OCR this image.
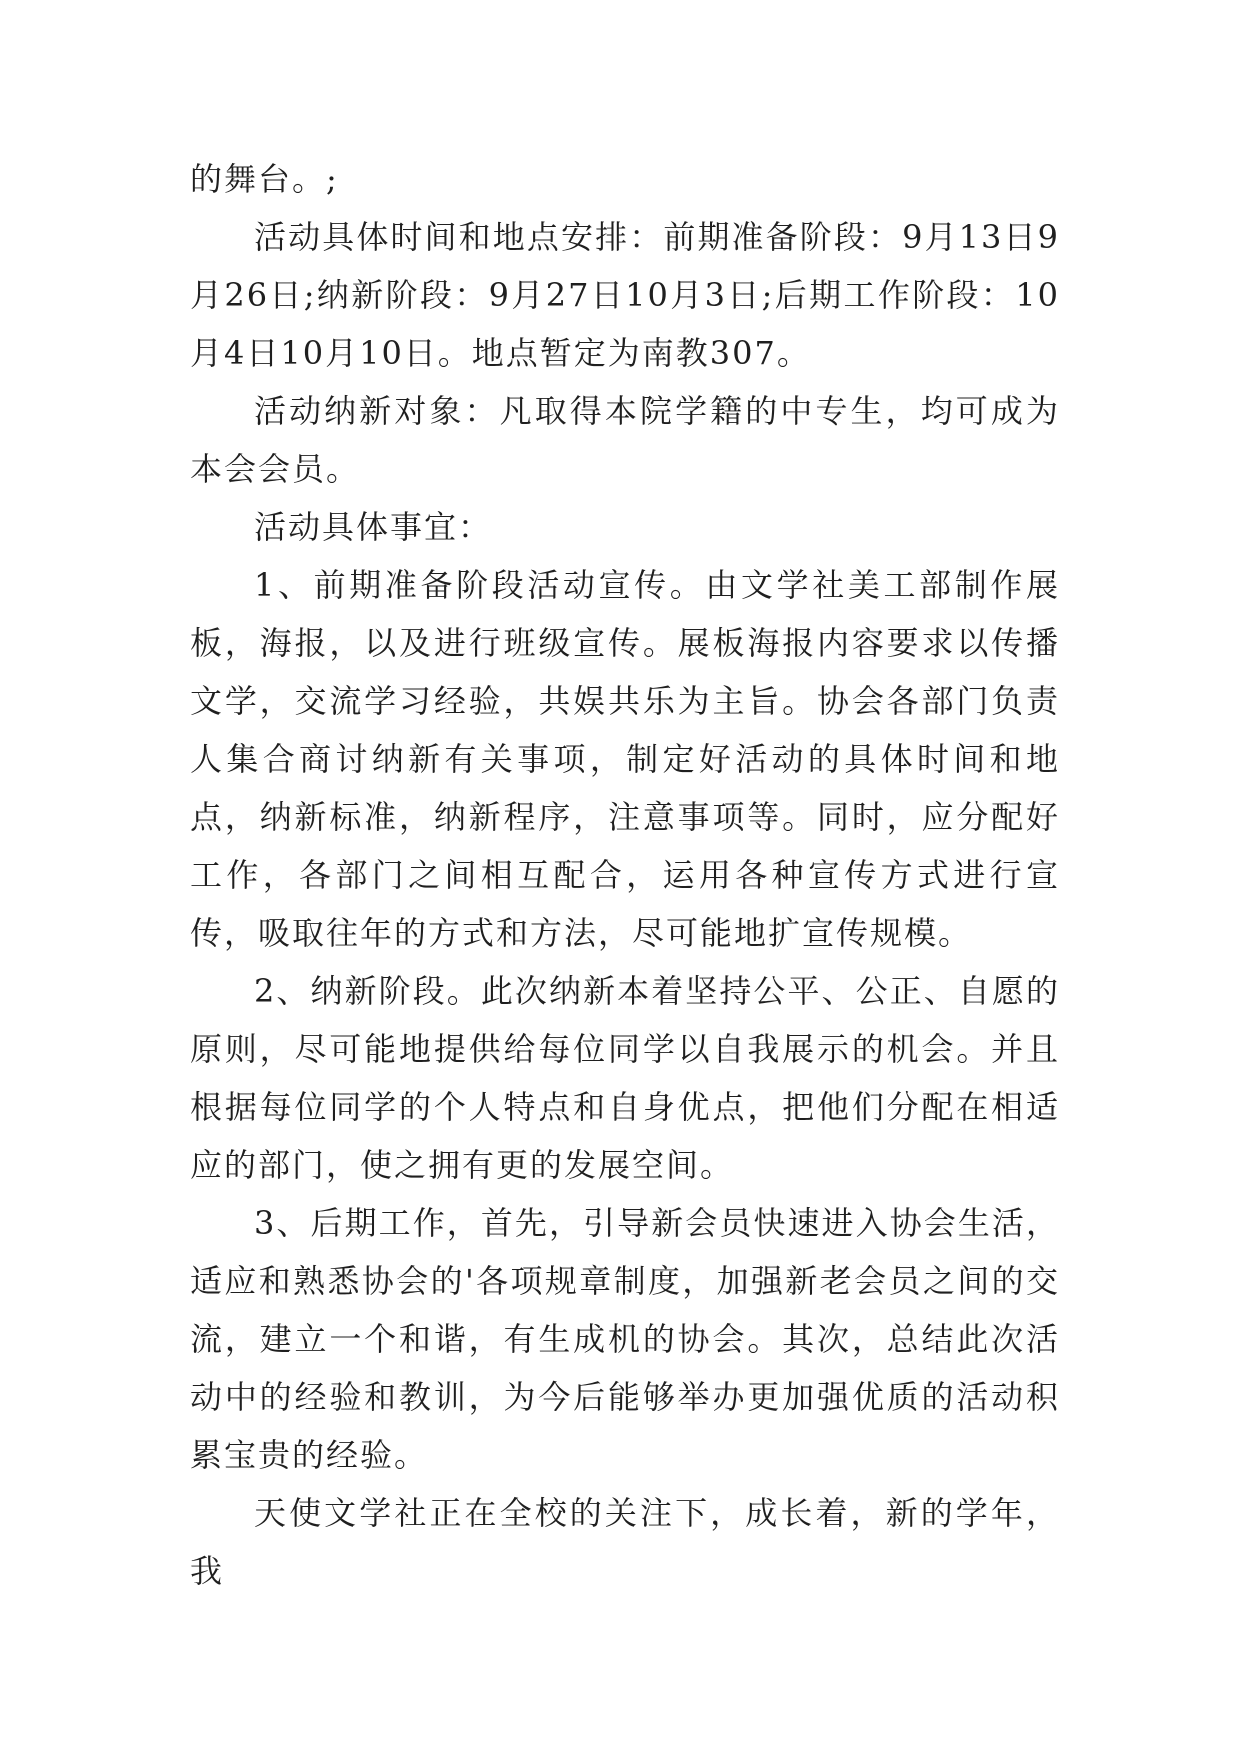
的舞台。;

活动具体时间和地点安排：前期准备阶段：9月13日9月26日;纳新阶段：9月27日10月3日;后期工作阶段：10月4日10月10日。地点暂定为南教307。

活动纳新对象：凡取得本院学籍的中专生，均可成为本会会员。

活动具体事宜：

1、前期准备阶段活动宣传。由文学社美工部制作展板，海报，以及进行班级宣传。展板海报内容要求以传播文学，交流学习经验，共娱共乐为主旨。协会各部门负责人集合商讨纳新有关事项，制定好活动的具体时间和地点，纳新标准，纳新程序，注意事项等。同时，应分配好工作，各部门之间相互配合，运用各种宣传方式进行宣传，吸取往年的方式和方法，尽可能地扩宣传规模。

2、纳新阶段。此次纳新本着坚持公平、公正、自愿的原则，尽可能地提供给每位同学以自我展示的机会。并且根据每位同学的个人特点和自身优点，把他们分配在相适应的部门，使之拥有更的发展空间。

3、后期工作，首先，引导新会员快速进入协会生活，适应和熟悉协会的'各项规章制度，加强新老会员之间的交流，建立一个和谐，有生成机的协会。其次，总结此次活动中的经验和教训，为今后能够举办更加强优质的活动积累宝贵的经验。

天使文学社正在全校的关注下，成长着，新的学年，我
